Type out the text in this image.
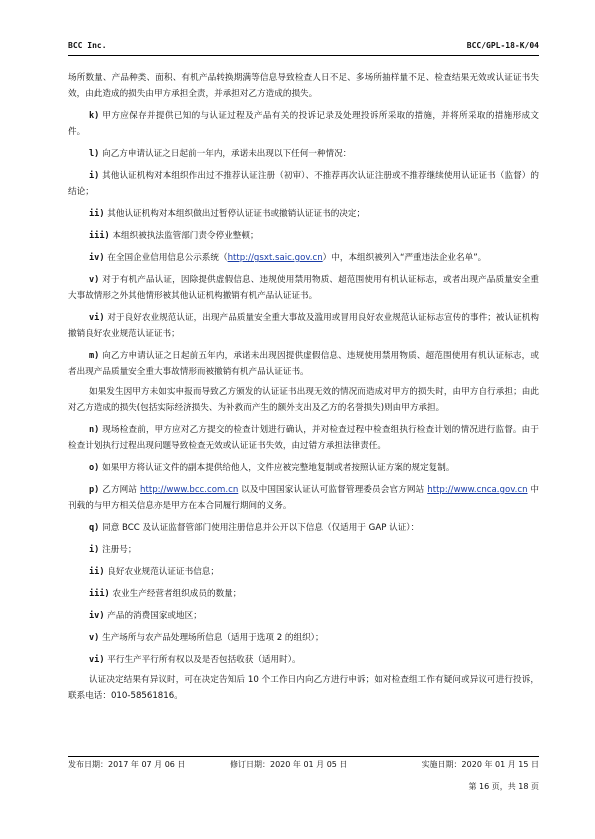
BCC Inc.	BCC/GPL-18-K/04

场所数量、产品种类、面积、有机产品转换期满等信息导致检查人日不足、多场所抽样量不足、检查结果无效或认证证书失效，由此造成的损失由甲方承担全责，并承担对乙方造成的损失。

k) 甲方应保存并提供已知的与认证过程及产品有关的投诉记录及处理投诉所采取的措施，并将所采取的措施形成文件。

l) 向乙方申请认证之日起前一年内，承诺未出现以下任何一种情况：

i) 其他认证机构对本组织作出过不推荐认证注册（初审）、不推荐再次认证注册或不推荐继续使用认证证书（监督）的结论；

ii) 其他认证机构对本组织做出过暂停认证证书或撤销认证证书的决定；

iii) 本组织被执法监管部门责令停业整顿；

iv) 在全国企业信用信息公示系统（http://gsxt.saic.gov.cn）中，本组织被列入“严重违法企业名单”。

v) 对于有机产品认证，因除提供虚假信息、违规使用禁用物质、超范围使用有机认证标志，或者出现产品质量安全重大事故情形之外其他情形被其他认证机构撤销有机产品认证证书。

vi) 对于良好农业规范认证，出现产品质量安全重大事故及滥用或冒用良好农业规范认证标志宣传的事件；被认证机构撤销良好农业规范认证证书；

m) 向乙方申请认证之日起前五年内，承诺未出现因提供虚假信息、违规使用禁用物质、超范围使用有机认证标志，或者出现产品质量安全重大事故情形而被撤销有机产品认证证书。

如果发生因甲方未如实申报而导致乙方颁发的认证证书出现无效的情况而造成对甲方的损失时，由甲方自行承担；由此对乙方造成的损失(包括实际经济损失、为补救而产生的额外支出及乙方的名誉损失)则由甲方承担。

n) 现场检查前，甲方应对乙方提交的检查计划进行确认，并对检查过程中检查组执行检查计划的情况进行监督。由于检查计划执行过程出现问题导致检查无效或认证证书失效，由过错方承担法律责任。

o) 如果甲方将认证文件的副本提供给他人，文件应被完整地复制或者按照认证方案的规定复制。

p) 乙方网站 http://www.bcc.com.cn 以及中国国家认证认可监督管理委员会官方网站 http://www.cnca.gov.cn 中刊载的与甲方相关信息亦是甲方在本合同履行期间的义务。

q) 同意 BCC 及认证监督管部门使用注册信息并公开以下信息（仅适用于 GAP 认证）：

i) 注册号；

ii) 良好农业规范认证证书信息；

iii) 农业生产经营者组织成员的数量；

iv) 产品的消费国家或地区；

v) 生产场所与农产品处理场所信息（适用于选项 2 的组织）；

vi) 平行生产平行所有权以及是否包括收获（适用时）。

认证决定结果有异议时，可在决定告知后 10 个工作日内向乙方进行申诉；如对检查组工作有疑问或异议可进行投诉，联系电话：010-58561816。

发布日期：2017 年 07 月 06 日	修订日期：2020 年 01 月 05 日	实施日期：2020 年 01 月 15 日
第 16 页，共 18 页
